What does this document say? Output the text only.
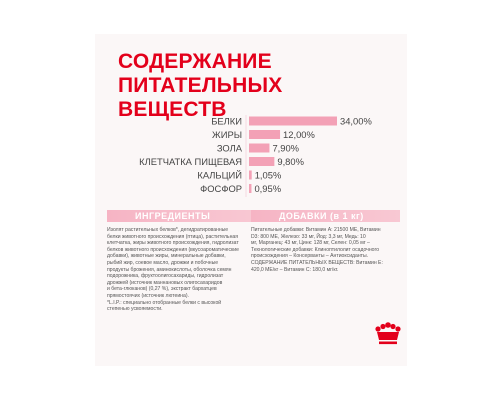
СОДЕРЖАНИЕ ПИТАТЕЛЬНЫХ ВЕЩЕСТВ
БЕЛКИ	34,00%
ЖИРЫ	12,00%
ЗОЛА	7,90%
КЛЕТЧАТКА ПИЩЕВАЯ	9,80%
КАЛЬЦИЙ 1,05%
ФОСФОР 0,95%
ИНГРЕДИЕНТЫ

Изолят растительных белков*, дегидратированные
белки животного происхождения (птица), растительная
клетчатка, жиры животного происхождения, гидролизат
белков животного происхождения (вкусоароматические
добавки), животные жиры, минеральные добавки,
рыбий жир, соевое масло, дрожжи и побочные
продукты брожения, аминокислоты, оболочка семян
подорожника, фруктоолигосахариды, гидролизат
дрожжей (источник маннановых олигосахаридов
и бета-глюканов) (0,27 %), экстракт бархатцев
прямостоячих (источник лютеина).
*L.I.P.: специально отобранные белки с высокой
степенью усвояемости.

ДОБАВКИ (в 1 кг)

Питательные добавки: Витамин А: 21500 МЕ, Витамин
D3: 800 МЕ, Железо: 33 мг, Йод: 3,3 мг, Медь: 10
мг, Марганец: 43 мг, Цинк: 128 мг, Селен: 0,05 мг –
Технологические добавки: Клиноптилолит осадочного
происхождения – Консерванты – Антиоксиданты.
СОДЕРЖАНИЕ ПИТАТЕЛЬНЫХ ВЕЩЕСТВ: Витамин Е:
420,0 МЕ/кг – Витамин С: 180,0 мг/кг.
